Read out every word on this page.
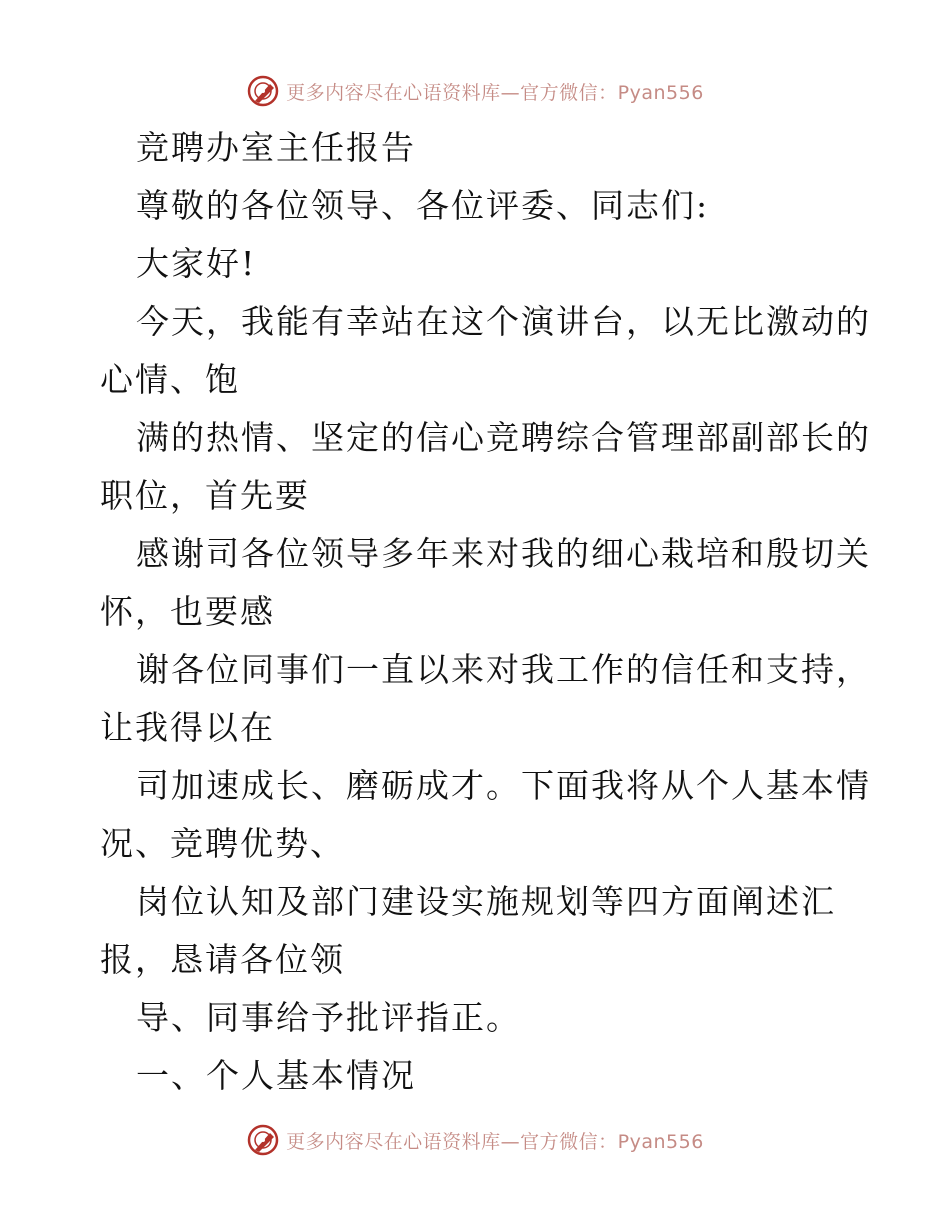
更多内容尽在心语资料库—官方微信：Pyan556
竞聘办室主任报告
尊敬的各位领导、各位评委、同志们:
大家好!
今天，我能有幸站在这个演讲台，以无比激动的
心情、饱
满的热情、坚定的信心竞聘综合管理部副部长的
职位，首先要
感谢司各位领导多年来对我的细心栽培和殷切关
怀，也要感
谢各位同事们一直以来对我工作的信任和支持，
让我得以在
司加速成长、磨砺成才。下面我将从个人基本情
况、竞聘优势、
岗位认知及部门建设实施规划等四方面阐述汇
报，恳请各位领
导、同事给予批评指正。
一、个人基本情况
更多内容尽在心语资料库—官方微信：Pyan556
